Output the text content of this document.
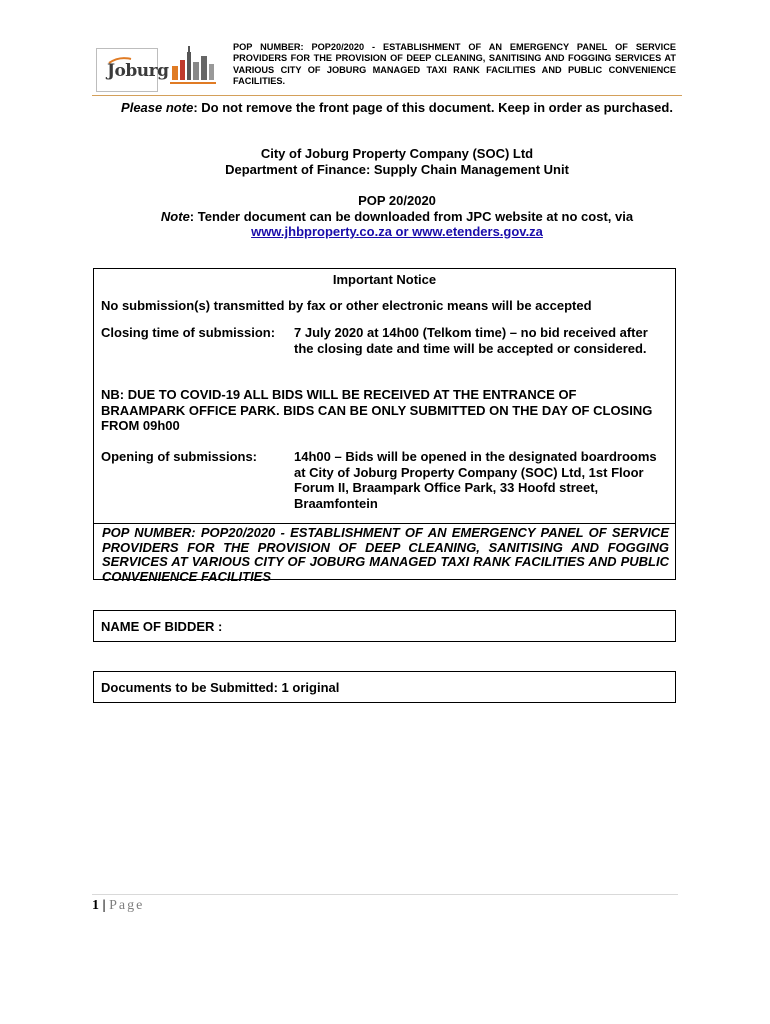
Joburg
POP NUMBER: POP20/2020 - ESTABLISHMENT OF AN EMERGENCY PANEL OF SERVICE PROVIDERS FOR THE PROVISION OF DEEP CLEANING, SANITISING AND FOGGING SERVICES AT VARIOUS CITY OF JOBURG MANAGED TAXI RANK FACILITIES AND PUBLIC CONVENIENCE FACILITIES.
Please note: Do not remove the front page of this document. Keep in order as purchased.
City of Joburg Property Company (SOC) Ltd
Department of Finance: Supply Chain Management Unit
POP 20/2020
Note: Tender document can be downloaded from JPC website at no cost, via
www.jhbproperty.co.za or www.etenders.gov.za
Important Notice
No submission(s) transmitted by fax or other electronic means will be accepted
Closing time of submission:	7 July 2020 at 14h00 (Telkom time) – no bid received after the closing date and time will be accepted or considered.
NB: DUE TO COVID-19 ALL BIDS WILL BE RECEIVED AT THE ENTRANCE OF BRAAMPARK OFFICE PARK. BIDS CAN BE ONLY SUBMITTED ON THE DAY OF CLOSING FROM 09h00
Opening of submissions:	14h00 – Bids will be opened in the designated boardrooms at City of Joburg Property Company (SOC) Ltd, 1st Floor Forum II, Braampark Office Park, 33 Hoofd street, Braamfontein
POP NUMBER: POP20/2020 - ESTABLISHMENT OF AN EMERGENCY PANEL OF SERVICE PROVIDERS FOR THE PROVISION OF DEEP CLEANING, SANITISING AND FOGGING SERVICES AT VARIOUS CITY OF JOBURG MANAGED TAXI RANK FACILITIES AND PUBLIC CONVENIENCE FACILITIES
NAME OF BIDDER :
Documents to be Submitted: 1 original
1 | Page
